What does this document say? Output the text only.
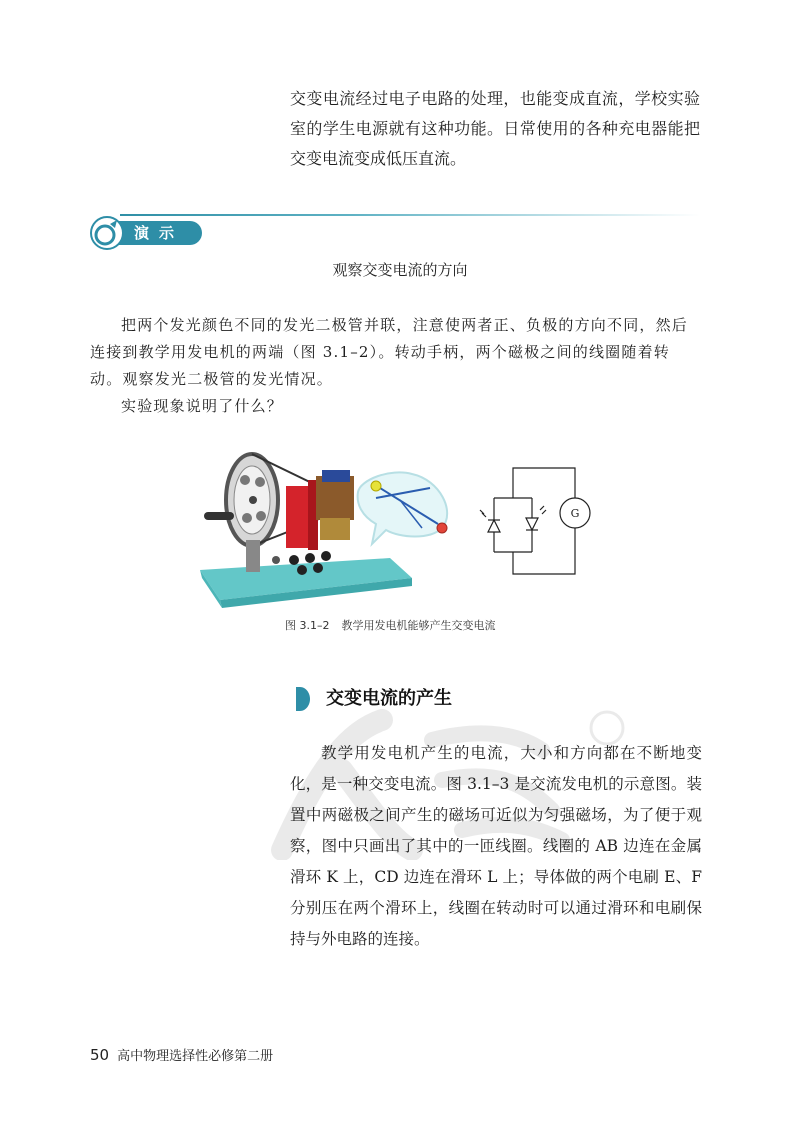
交变电流经过电子电路的处理，也能变成直流，学校实验室的学生电源就有这种功能。日常使用的各种充电器能把交变电流变成低压直流。

演示
观察交变电流的方向

把两个发光颜色不同的发光二极管并联，注意使两者正、负极的方向不同，然后连接到教学用发电机的两端（图 3.1–2）。转动手柄，两个磁极之间的线圈随着转动。观察发光二极管的发光情况。

实验现象说明了什么？

G
图 3.1–2 教学用发电机能够产生交变电流
交变电流的产生

教学用发电机产生的电流，大小和方向都在不断地变化，是一种交变电流。图 3.1–3 是交流发电机的示意图。装置中两磁极之间产生的磁场可近似为匀强磁场，为了便于观察，图中只画出了其中的一匝线圈。线圈的 AB 边连在金属滑环 K 上，CD 边连在滑环 L 上；导体做的两个电刷 E、F 分别压在两个滑环上，线圈在转动时可以通过滑环和电刷保持与外电路的连接。

50 高中物理选择性必修第二册
